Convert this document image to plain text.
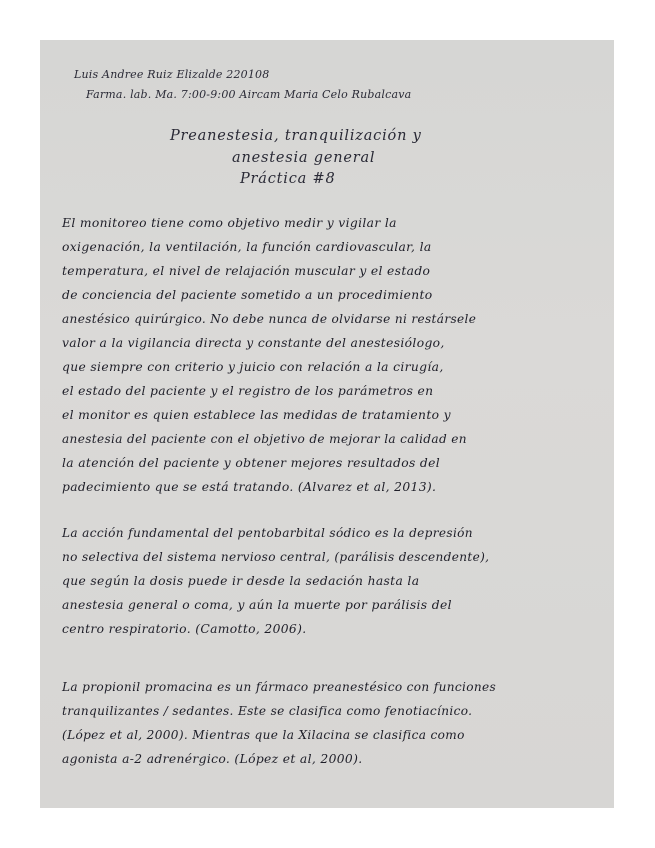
Luis Andree Ruiz Elizalde 220108
Farma. lab. Ma. 7:00-9:00 Aircam Maria Celo Rubalcava
Preanestesia, tranquilización y
anestesia general
Práctica #8
El monitoreo tiene como objetivo medir y vigilar la
oxigenación, la ventilación, la función cardiovascular, la
temperatura, el nivel de relajación muscular y el estado
de conciencia del paciente sometido a un procedimiento
anestésico quirúrgico. No debe nunca de olvidarse ni restársele
valor a la vigilancia directa y constante del anestesiólogo,
que siempre con criterio y juicio con relación a la cirugía,
el estado del paciente y el registro de los parámetros en
el monitor es quien establece las medidas de tratamiento y
anestesia del paciente con el objetivo de mejorar la calidad en
la atención del paciente y obtener mejores resultados del
padecimiento que se está tratando. (Alvarez et al, 2013).
La acción fundamental del pentobarbital sódico es la depresión
no selectiva del sistema nervioso central, (parálisis descendente),
que según la dosis puede ir desde la sedación hasta la
anestesia general o coma, y aún la muerte por parálisis del
centro respiratorio. (Camotto, 2006).
La propionil promacina es un fármaco preanestésico con funciones
tranquilizantes / sedantes. Este se clasifica como fenotiacínico.
(López et al, 2000). Mientras que la Xilacina se clasifica como
agonista a-2 adrenérgico. (López et al, 2000).
